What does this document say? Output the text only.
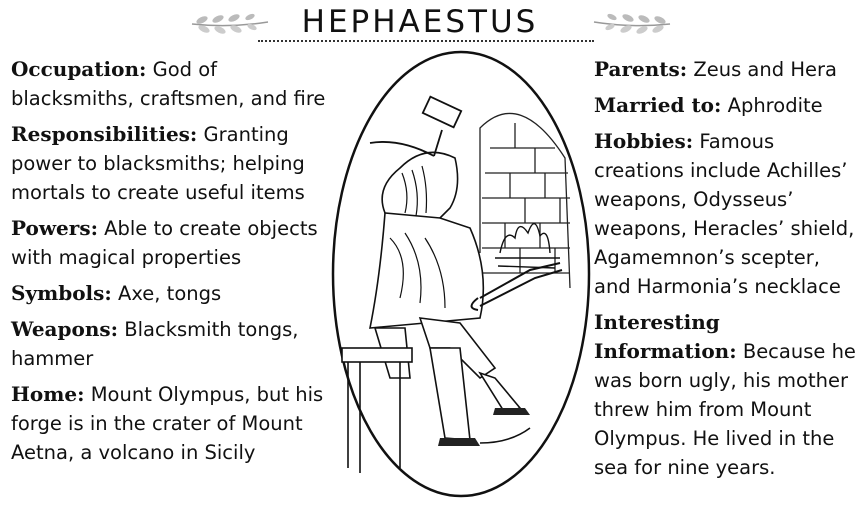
HEPHAESTUS
Occupation: God of blacksmiths, craftsmen, and fire
Responsibilities: Granting power to blacksmiths; helping mortals to create useful items
Powers: Able to create objects with magical properties
Symbols: Axe, tongs
Weapons: Blacksmith tongs, hammer
Home: Mount Olympus, but his forge is in the crater of Mount Aetna, a volcano in Sicily
Parents: Zeus and Hera
Married to: Aphrodite
Hobbies: Famous creations include Achilles’ weapons, Odysseus’ weapons, Heracles’ shield, Agamemnon’s scepter, and Harmonia’s necklace
Interesting Information: Because he was born ugly, his mother threw him from Mount Olympus. He lived in the sea for nine years.
